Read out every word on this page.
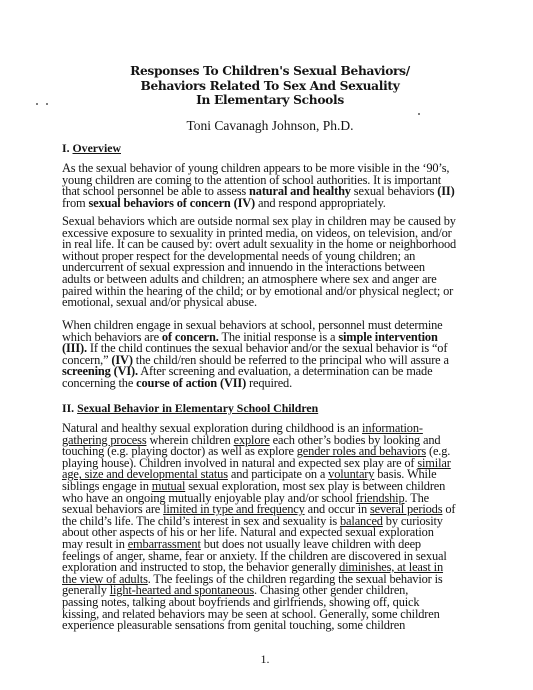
Responses To Children's Sexual Behaviors/
Behaviors Related To Sex And Sexuality
In Elementary Schools
Toni Cavanagh Johnson, Ph.D.
I. Overview
As the sexual behavior of young children appears to be more visible in the ‘90’s,
young children are coming to the attention of school authorities. It is important
that school personnel be able to assess natural and healthy sexual behaviors (II)
from sexual behaviors of concern (IV) and respond appropriately.
Sexual behaviors which are outside normal sex play in children may be caused by
excessive exposure to sexuality in printed media, on videos, on television, and/or
in real life. It can be caused by: overt adult sexuality in the home or neighborhood
without proper respect for the developmental needs of young children; an
undercurrent of sexual expression and innuendo in the interactions between
adults or between adults and children; an atmosphere where sex and anger are
paired within the hearing of the child; or by emotional and/or physical neglect; or
emotional, sexual and/or physical abuse.
When children engage in sexual behaviors at school, personnel must determine
which behaviors are of concern. The initial response is a simple intervention
(III). If the child continues the sexual behavior and/or the sexual behavior is “of
concern,” (IV) the child/ren should be referred to the principal who will assure a
screening (VI). After screening and evaluation, a determination can be made
concerning the course of action (VII) required.
II. Sexual Behavior in Elementary School Children
Natural and healthy sexual exploration during childhood is an information-
gathering process wherein children explore each other’s bodies by looking and
touching (e.g. playing doctor) as well as explore gender roles and behaviors (e.g.
playing house). Children involved in natural and expected sex play are of similar
age, size and developmental status and participate on a voluntary basis. While
siblings engage in mutual sexual exploration, most sex play is between children
who have an ongoing mutually enjoyable play and/or school friendship. The
sexual behaviors are limited in type and frequency and occur in several periods of
the child’s life. The child’s interest in sex and sexuality is balanced by curiosity
about other aspects of his or her life. Natural and expected sexual exploration
may result in embarrassment but does not usually leave children with deep
feelings of anger, shame, fear or anxiety. If the children are discovered in sexual
exploration and instructed to stop, the behavior generally diminishes, at least in
the view of adults. The feelings of the children regarding the sexual behavior is
generally light-hearted and spontaneous. Chasing other gender children,
passing notes, talking about boyfriends and girlfriends, showing off, quick
kissing, and related behaviors may be seen at school. Generally, some children
experience pleasurable sensations from genital touching, some children
1.
